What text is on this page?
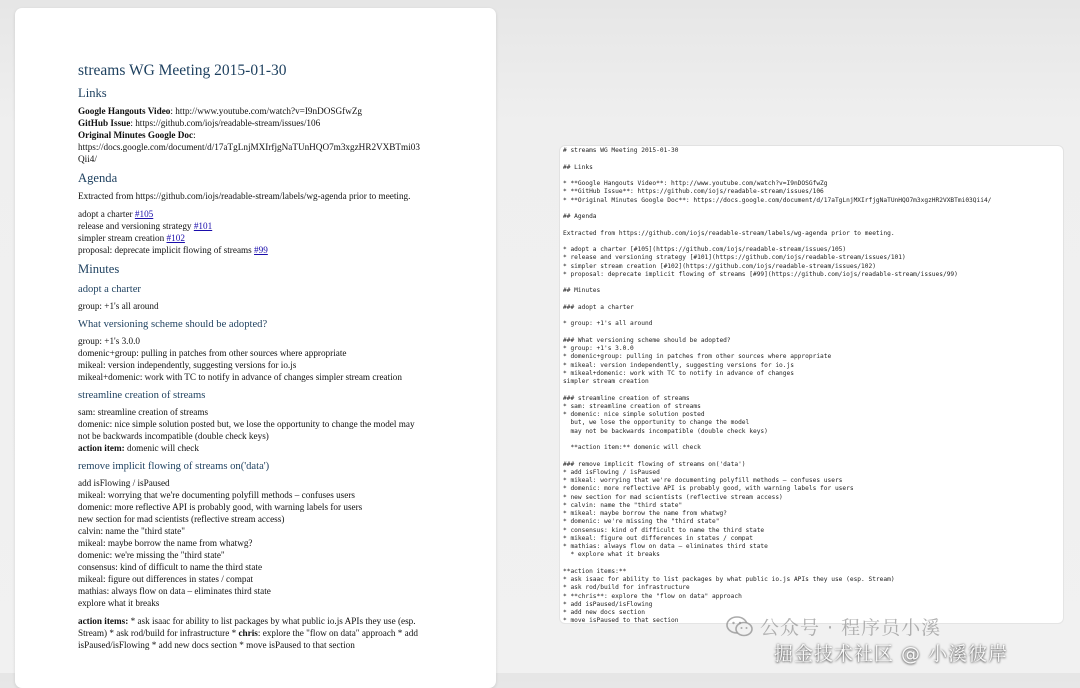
streams WG Meeting 2015-01-30
Links
Google Hangouts Video: http://www.youtube.com/watch?v=I9nDOSGfwZg
GitHub Issue: https://github.com/iojs/readable-stream/issues/106
Original Minutes Google Doc:
https://docs.google.com/document/d/17aTgLnjMXIrfjgNaTUnHQO7m3xgzHR2VXBTmi03
Qii4/
Agenda

Extracted from https://github.com/iojs/readable-stream/labels/wg-agenda prior to meeting.

adopt a charter #105
release and versioning strategy #101
simpler stream creation #102
proposal: deprecate implicit flowing of streams #99
Minutes
adopt a charter

group: +1's all around

What versioning scheme should be adopted?
group: +1's 3.0.0
domenic+group: pulling in patches from other sources where appropriate
mikeal: version independently, suggesting versions for io.js
mikeal+domenic: work with TC to notify in advance of changes simpler stream creation
streamline creation of streams
sam: streamline creation of streams
domenic: nice simple solution posted but, we lose the opportunity to change the model may
not be backwards incompatible (double check keys)
action item: domenic will check
remove implicit flowing of streams on('data')
add isFlowing / isPaused
mikeal: worrying that we're documenting polyfill methods – confuses users
domenic: more reflective API is probably good, with warning labels for users
new section for mad scientists (reflective stream access)
calvin: name the "third state"
mikeal: maybe borrow the name from whatwg?
domenic: we're missing the "third state"
consensus: kind of difficult to name the third state
mikeal: figure out differences in states / compat
mathias: always flow on data – eliminates third state
explore what it breaks

action items: * ask isaac for ability to list packages by what public io.js APIs they use (esp. Stream) * ask rod/build for infrastructure * chris: explore the "flow on data" approach * add isPaused/isFlowing * add new docs section * move isPaused to that section

# streams WG Meeting 2015-01-30
## Links
* **Google Hangouts Video**: http://www.youtube.com/watch?v=I9nDOSGfwZg
* **GitHub Issue**: https://github.com/iojs/readable-stream/issues/106
* **Original Minutes Google Doc**: https://docs.google.com/document/d/17aTgLnjMXIrfjgNaTUnHQO7m3xgzHR2VXBTmi03Qii4/
## Agenda
Extracted from https://github.com/iojs/readable-stream/labels/wg-agenda prior to meeting.
* adopt a charter [#105](https://github.com/iojs/readable-stream/issues/105)
* release and versioning strategy [#101](https://github.com/iojs/readable-stream/issues/101)
* simpler stream creation [#102](https://github.com/iojs/readable-stream/issues/102)
* proposal: deprecate implicit flowing of streams [#99](https://github.com/iojs/readable-stream/issues/99)
## Minutes
### adopt a charter
* group: +1's all around
### What versioning scheme should be adopted?
* group: +1's 3.0.0
* domenic+group: pulling in patches from other sources where appropriate
* mikeal: version independently, suggesting versions for io.js
* mikeal+domenic: work with TC to notify in advance of changes
simpler stream creation
### streamline creation of streams
* sam: streamline creation of streams
* domenic: nice simple solution posted
but, we lose the opportunity to change the model
may not be backwards incompatible (double check keys)
**action item:** domenic will check
### remove implicit flowing of streams on('data')
* add isFlowing / isPaused
* mikeal: worrying that we're documenting polyfill methods – confuses users
* domenic: more reflective API is probably good, with warning labels for users
* new section for mad scientists (reflective stream access)
* calvin: name the "third state"
* mikeal: maybe borrow the name from whatwg?
* domenic: we're missing the "third state"
* consensus: kind of difficult to name the third state
* mikeal: figure out differences in states / compat
* mathias: always flow on data – eliminates third state
* explore what it breaks
**action items:**
* ask isaac for ability to list packages by what public io.js APIs they use (esp. Stream)
* ask rod/build for infrastructure
* **chris**: explore the "flow on data" approach
* add isPaused/isFlowing
* add new docs section
* move isPaused to that section	公众号 · 程序员小溪
掘金技术社区 @ 小溪彼岸
